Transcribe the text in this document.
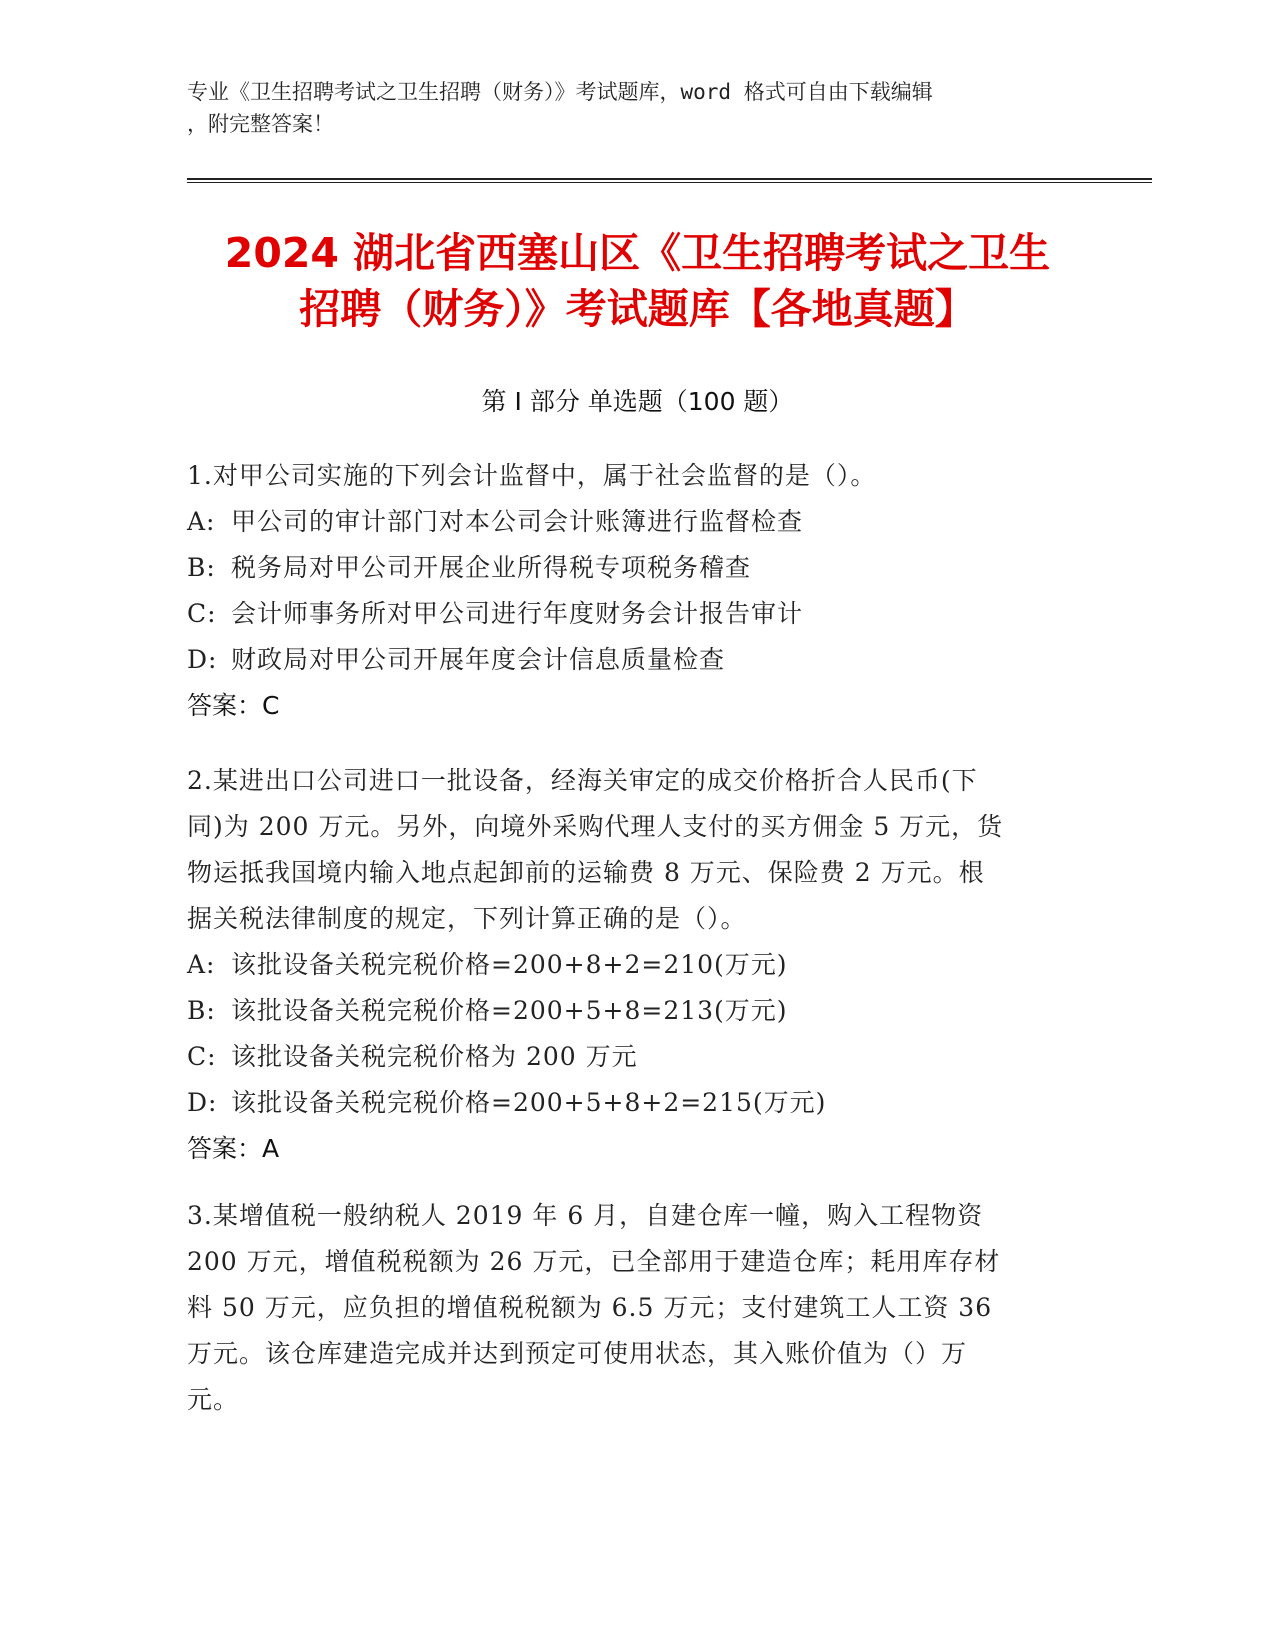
专业《卫生招聘考试之卫生招聘（财务）》考试题库，word 格式可自由下载编辑
，附完整答案！
2024 湖北省西塞山区《卫生招聘考试之卫生
招聘（财务）》考试题库【各地真题】
第 I 部分 单选题（100 题）

1.对甲公司实施的下列会计监督中，属于社会监督的是（）。

A: 甲公司的审计部门对本公司会计账簿进行监督检查

B: 税务局对甲公司开展企业所得税专项税务稽查

C: 会计师事务所对甲公司进行年度财务会计报告审计

D: 财政局对甲公司开展年度会计信息质量检查

答案：C

2.某进出口公司进口一批设备，经海关审定的成交价格折合人民币(下

同)为 200 万元。另外，向境外采购代理人支付的买方佣金 5 万元，货

物运抵我国境内输入地点起卸前的运输费 8 万元、保险费 2 万元。根

据关税法律制度的规定，下列计算正确的是（）。

A: 该批设备关税完税价格=200+8+2=210(万元)

B: 该批设备关税完税价格=200+5+8=213(万元)

C: 该批设备关税完税价格为 200 万元

D: 该批设备关税完税价格=200+5+8+2=215(万元)

答案：A

3.某增值税一般纳税人 2019 年 6 月，自建仓库一幢，购入工程物资

200 万元，增值税税额为 26 万元，已全部用于建造仓库；耗用库存材

料 50 万元，应负担的增值税税额为 6.5 万元；支付建筑工人工资 36

万元。该仓库建造完成并达到预定可使用状态，其入账价值为（）万

元。
